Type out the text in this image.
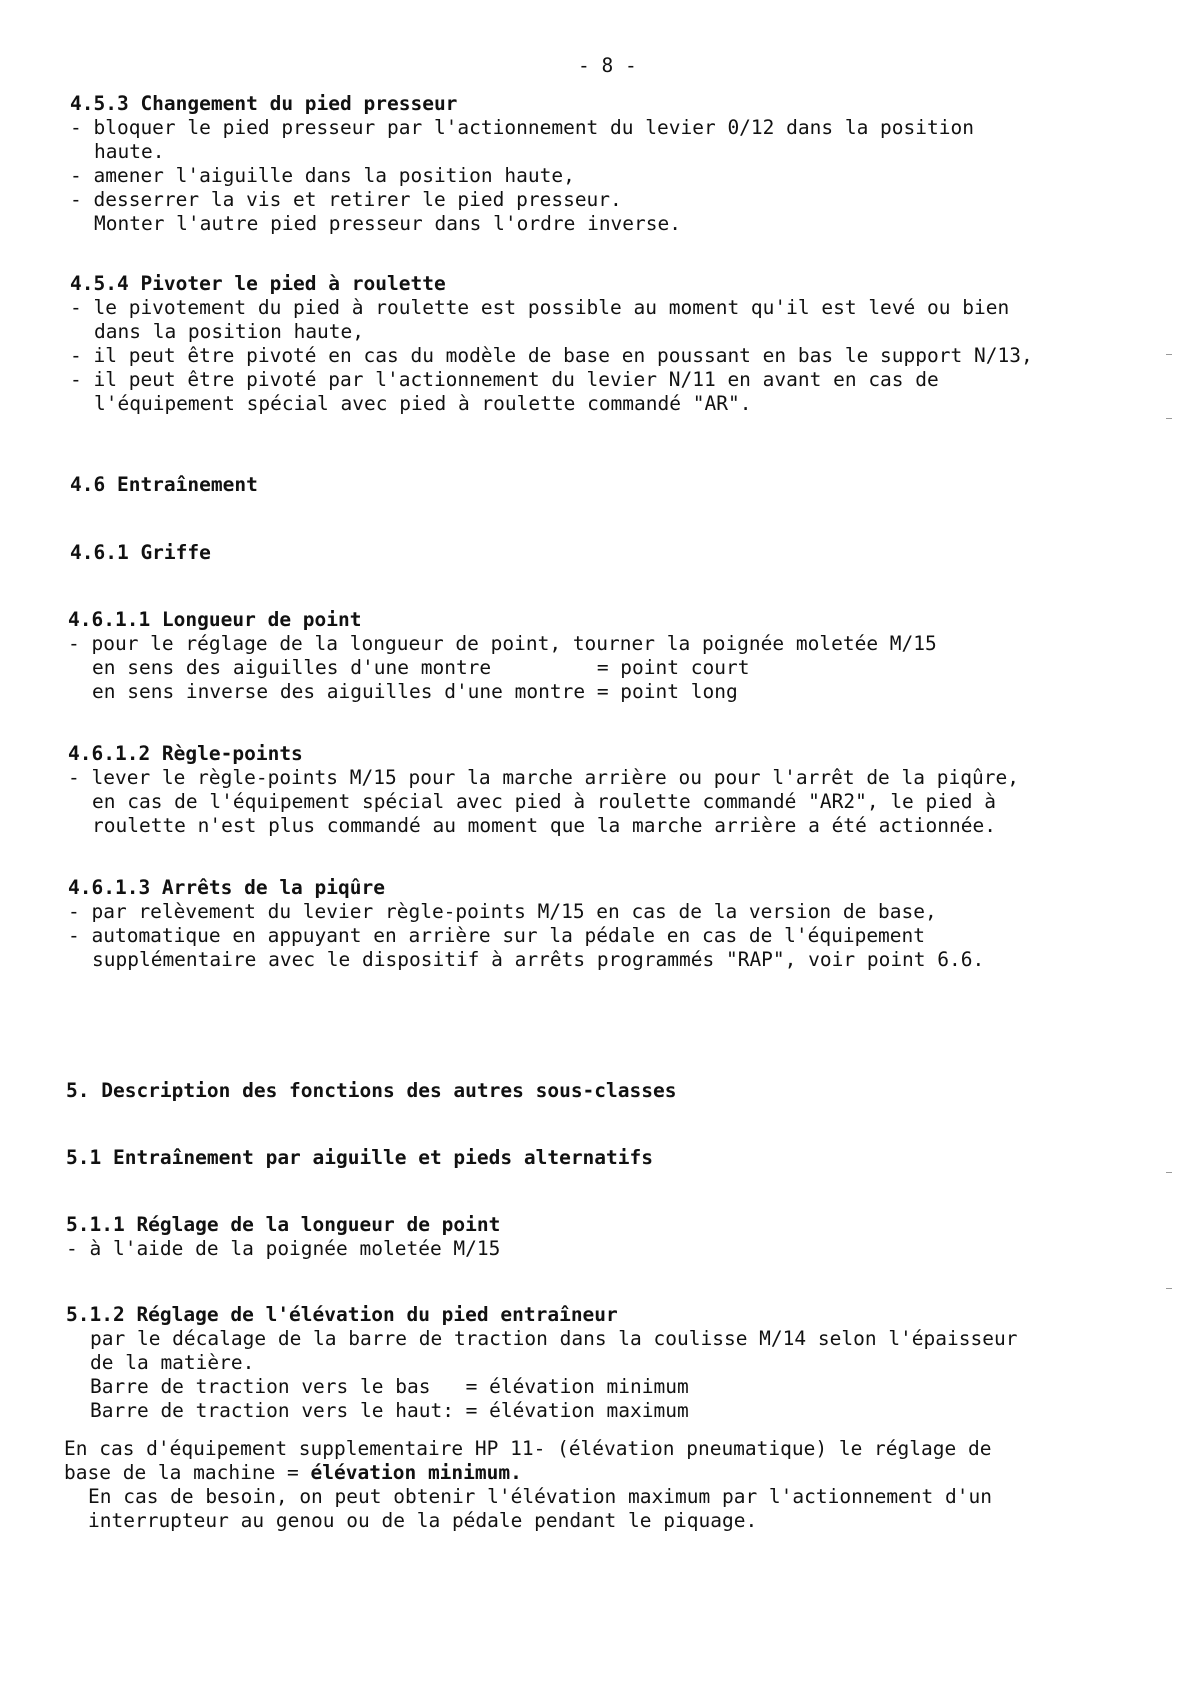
- 8 -

4.5.3 Changement du pied presseur

- bloquer le pied presseur par l'actionnement du levier 0/12 dans la position

haute.

- amener l'aiguille dans la position haute,

- desserrer la vis et retirer le pied presseur.

Monter l'autre pied presseur dans l'ordre inverse.

4.5.4 Pivoter le pied à roulette

- le pivotement du pied à roulette est possible au moment qu'il est levé ou bien

dans la position haute,

- il peut être pivoté en cas du modèle de base en poussant en bas le support N/13,

- il peut être pivoté par l'actionnement du levier N/11 en avant en cas de

l'équipement spécial avec pied à roulette commandé "AR".

4.6 Entraînement

4.6.1 Griffe

4.6.1.1 Longueur de point

- pour le réglage de la longueur de point, tourner la poignée moletée M/15

en sens des aiguilles d'une montre         = point court

en sens inverse des aiguilles d'une montre = point long

4.6.1.2 Règle-points

- lever le règle-points M/15 pour la marche arrière ou pour l'arrêt de la piqûre,

en cas de l'équipement spécial avec pied à roulette commandé "AR2", le pied à

roulette n'est plus commandé au moment que la marche arrière a été actionnée.

4.6.1.3 Arrêts de la piqûre

- par relèvement du levier règle-points M/15 en cas de la version de base,

- automatique en appuyant en arrière sur la pédale en cas de l'équipement

supplémentaire avec le dispositif à arrêts programmés "RAP", voir point 6.6.

5. Description des fonctions des autres sous-classes

5.1 Entraînement par aiguille et pieds alternatifs

5.1.1 Réglage de la longueur de point

- à l'aide de la poignée moletée M/15

5.1.2 Réglage de l'élévation du pied entraîneur

par le décalage de la barre de traction dans la coulisse M/14 selon l'épaisseur

de la matière.

Barre de traction vers le bas   = élévation minimum

Barre de traction vers le haut: = élévation maximum

En cas d'équipement supplementaire HP 11- (élévation pneumatique) le réglage de

base de la machine = élévation minimum.

En cas de besoin, on peut obtenir l'élévation maximum par l'actionnement d'un

interrupteur au genou ou de la pédale pendant le piquage.
